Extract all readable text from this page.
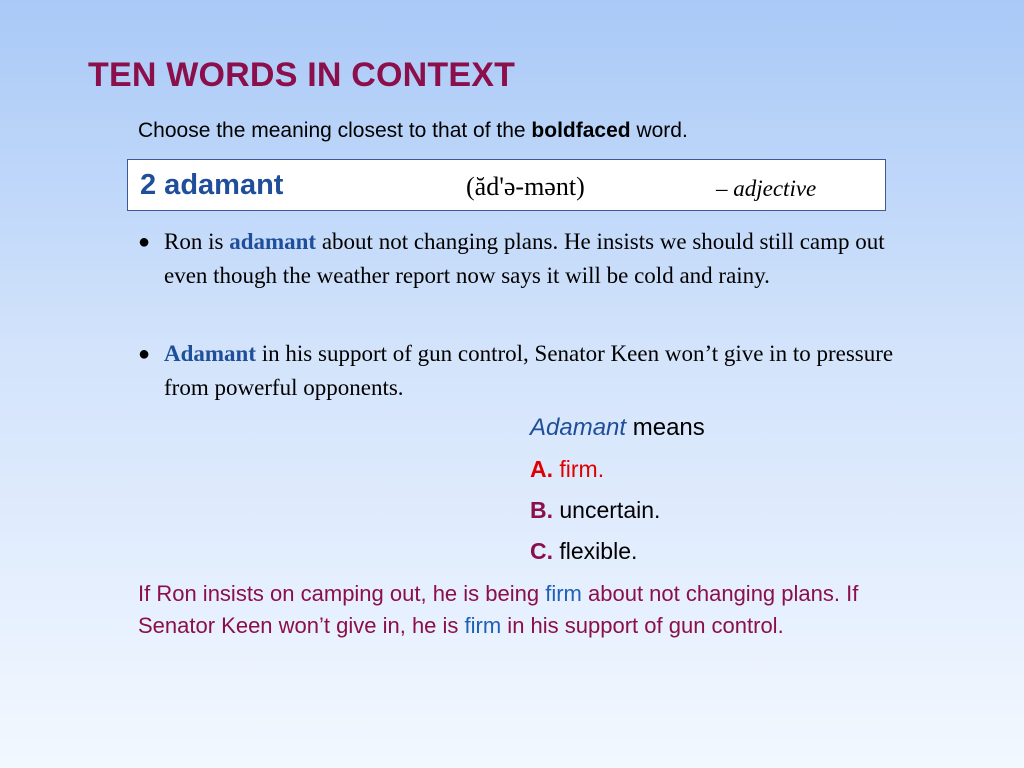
TEN WORDS IN CONTEXT
Choose the meaning closest to that of the boldfaced word.
2 adamant	(ăd'ə-mənt)	– adjective
● Ron is adamant about not changing plans. He insists we should still camp out even though the weather report now says it will be cold and rainy.
● Adamant in his support of gun control, Senator Keen won’t give in to pressure from powerful opponents.
Adamant means
A. firm.
B. uncertain.
C. flexible.
If Ron insists on camping out, he is being firm about not changing plans. If Senator Keen won’t give in, he is firm in his support of gun control.
